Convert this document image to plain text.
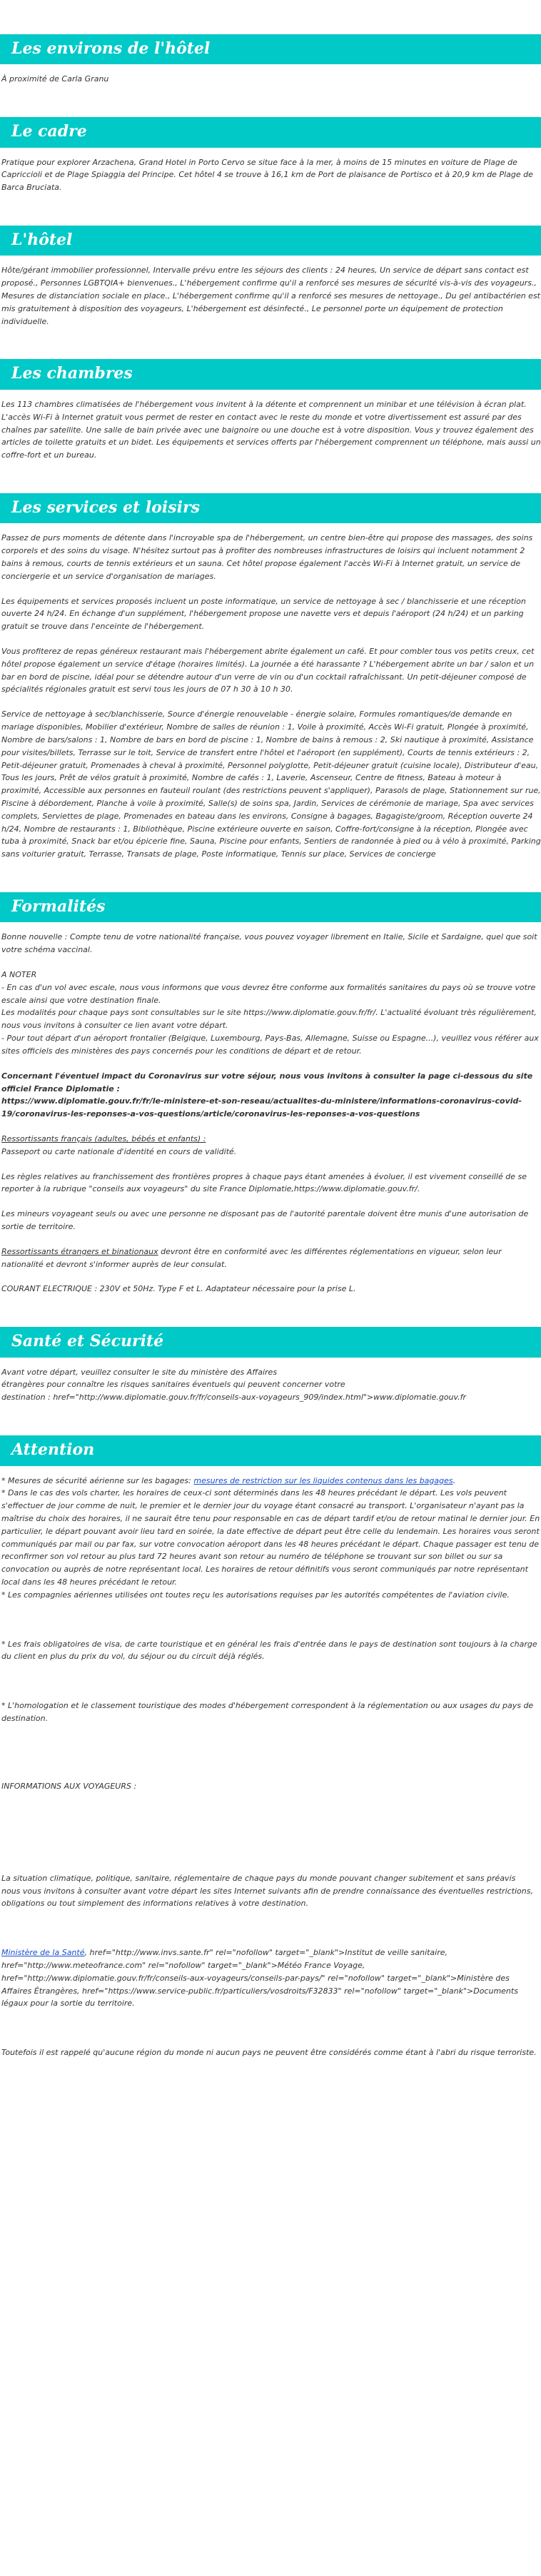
Les environs de l'hôtel

À proximité de Carla Granu

Le cadre

Pratique pour explorer Arzachena, Grand Hotel in Porto Cervo se situe face à la mer, à moins de 15 minutes en voiture de Plage de Capriccioli et de Plage Spiaggia del Principe. Cet hôtel 4 se trouve à 16,1 km de Port de plaisance de Portisco et à 20,9 km de Plage de Barca Bruciata.

L'hôtel

Hôte/gérant immobilier professionnel, Intervalle prévu entre les séjours des clients : 24 heures, Un service de départ sans contact est proposé., Personnes LGBTQIA+ bienvenues., L'hébergement confirme qu'il a renforcé ses mesures de sécurité vis-à-vis des voyageurs., Mesures de distanciation sociale en place., L'hébergement confirme qu'il a renforcé ses mesures de nettoyage., Du gel antibactérien est mis gratuitement à disposition des voyageurs, L'hébergement est désinfecté., Le personnel porte un équipement de protection individuelle.

Les chambres

Les 113 chambres climatisées de l'hébergement vous invitent à la détente et comprennent un minibar et une télévision à écran plat. L'accès Wi-Fi à Internet gratuit vous permet de rester en contact avec le reste du monde et votre divertissement est assuré par des chaînes par satellite. Une salle de bain privée avec une baignoire ou une douche est à votre disposition. Vous y trouvez également des articles de toilette gratuits et un bidet. Les équipements et services offerts par l'hébergement comprennent un téléphone, mais aussi un coffre-fort et un bureau.

Les services et loisirs

Passez de purs moments de détente dans l'incroyable spa de l'hébergement, un centre bien-être qui propose des massages, des soins corporels et des soins du visage. N'hésitez surtout pas à profiter des nombreuses infrastructures de loisirs qui incluent notamment 2 bains à remous, courts de tennis extérieurs et un sauna. Cet hôtel propose également l'accès Wi-Fi à Internet gratuit, un service de conciergerie et un service d'organisation de mariages.

Les équipements et services proposés incluent un poste informatique, un service de nettoyage à sec / blanchisserie et une réception ouverte 24 h/24. En échange d'un supplément, l'hébergement propose une navette vers et depuis l'aéroport (24 h/24) et un parking gratuit se trouve dans l'enceinte de l'hébergement.

Vous profiterez de repas généreux restaurant mais l'hébergement abrite également un café. Et pour combler tous vos petits creux, cet hôtel propose également un service d'étage (horaires limités). La journée a été harassante ? L'hébergement abrite un bar / salon et un bar en bord de piscine, idéal pour se détendre autour d'un verre de vin ou d'un cocktail rafraîchissant. Un petit-déjeuner composé de spécialités régionales gratuit est servi tous les jours de 07 h 30 à 10 h 30.

Service de nettoyage à sec/blanchisserie, Source d'énergie renouvelable - énergie solaire, Formules romantiques/de demande en mariage disponibles, Mobilier d'extérieur, Nombre de salles de réunion : 1, Voile à proximité, Accès Wi-Fi gratuit, Plongée à proximité, Nombre de bars/salons : 1, Nombre de bars en bord de piscine : 1, Nombre de bains à remous : 2, Ski nautique à proximité, Assistance pour visites/billets, Terrasse sur le toit, Service de transfert entre l'hôtel et l'aéroport (en supplément), Courts de tennis extérieurs : 2, Petit-déjeuner gratuit, Promenades à cheval à proximité, Personnel polyglotte, Petit-déjeuner gratuit (cuisine locale), Distributeur d'eau, Tous les jours, Prêt de vélos gratuit à proximité, Nombre de cafés : 1, Laverie, Ascenseur, Centre de fitness, Bateau à moteur à proximité, Accessible aux personnes en fauteuil roulant (des restrictions peuvent s'appliquer), Parasols de plage, Stationnement sur rue, Piscine à débordement, Planche à voile à proximité, Salle(s) de soins spa, Jardin, Services de cérémonie de mariage, Spa avec services complets, Serviettes de plage, Promenades en bateau dans les environs, Consigne à bagages, Bagagiste/groom, Réception ouverte 24 h/24, Nombre de restaurants : 1, Bibliothèque, Piscine extérieure ouverte en saison, Coffre-fort/consigne à la réception, Plongée avec tuba à proximité, Snack bar et/ou épicerie fine, Sauna, Piscine pour enfants, Sentiers de randonnée à pied ou à vélo à proximité, Parking sans voiturier gratuit, Terrasse, Transats de plage, Poste informatique, Tennis sur place, Services de concierge

Formalités

Bonne nouvelle : Compte tenu de votre nationalité française, vous pouvez voyager librement en Italie, Sicile et Sardaigne, quel que soit votre schéma vaccinal.

A NOTER
- En cas d'un vol avec escale, nous vous informons que vous devrez être conforme aux formalités sanitaires du pays où se trouve votre escale ainsi que votre destination finale.
Les modalités pour chaque pays sont consultables sur le site https://www.diplomatie.gouv.fr/fr/. L'actualité évoluant très régulièrement, nous vous invitons à consulter ce lien avant votre départ.
- Pour tout départ d'un aéroport frontalier (Belgique, Luxembourg, Pays-Bas, Allemagne, Suisse ou Espagne...), veuillez vous référer aux sites officiels des ministères des pays concernés pour les conditions de départ et de retour.

Concernant l'éventuel impact du Coronavirus sur votre séjour, nous vous invitons à consulter la page ci-dessous du site officiel France Diplomatie :
https://www.diplomatie.gouv.fr/fr/le-ministere-et-son-reseau/actualites-du-ministere/informations-coronavirus-covid-19/coronavirus-les-reponses-a-vos-questions/article/coronavirus-les-reponses-a-vos-questions

Ressortissants français (adultes, bébés et enfants) :

Passeport ou carte nationale d'identité en cours de validité.

Les règles relatives au franchissement des frontières propres à chaque pays étant amenées à évoluer, il est vivement conseillé de se reporter à la rubrique "conseils aux voyageurs" du site France Diplomatie,https://www.diplomatie.gouv.fr/.

Les mineurs voyageant seuls ou avec une personne ne disposant pas de l'autorité parentale doivent être munis d'une autorisation de sortie de territoire.

Ressortissants étrangers et binationaux devront être en conformité avec les différentes réglementations en vigueur, selon leur nationalité et devront s'informer auprès de leur consulat.

COURANT ELECTRIQUE : 230V et 50Hz. Type F et L. Adaptateur nécessaire pour la prise L.

Santé et Sécurité

Avant votre départ, veuillez consulter le site du ministère des Affaires
étrangères pour connaître les risques sanitaires éventuels qui peuvent concerner votre
destination : href="http://www.diplomatie.gouv.fr/fr/conseils-aux-voyageurs_909/index.html">www.diplomatie.gouv.fr

Attention

* Mesures de sécurité aérienne sur les bagages: mesures de restriction sur les liquides contenus dans les bagages.
* Dans le cas des vols charter, les horaires de ceux-ci sont déterminés dans les 48 heures précédant le départ. Les vols peuvent s'effectuer de jour comme de nuit, le premier et le dernier jour du voyage étant consacré au transport. L'organisateur n'ayant pas la maîtrise du choix des horaires, il ne saurait être tenu pour responsable en cas de départ tardif et/ou de retour matinal le dernier jour. En particulier, le départ pouvant avoir lieu tard en soirée, la date effective de départ peut être celle du lendemain. Les horaires vous seront communiqués par mail ou par fax, sur votre convocation aéroport dans les 48 heures précédant le départ. Chaque passager est tenu de reconfirmer son vol retour au plus tard 72 heures avant son retour au numéro de téléphone se trouvant sur son billet ou sur sa convocation ou auprès de notre représentant local. Les horaires de retour définitifs vous seront communiqués par notre représentant local dans les 48 heures précédant le retour.
* Les compagnies aériennes utilisées ont toutes reçu les autorisations requises par les autorités compétentes de l'aviation civile.

* Les frais obligatoires de visa, de carte touristique et en général les frais d'entrée dans le pays de destination sont toujours à la charge du client en plus du prix du vol, du séjour ou du circuit déjà réglés.

* L'homologation et le classement touristique des modes d'hébergement correspondent à la réglementation ou aux usages du pays de destination.

INFORMATIONS AUX VOYAGEURS :

La situation climatique, politique, sanitaire, réglementaire de chaque pays du monde pouvant changer subitement et sans préavis
nous vous invitons à consulter avant votre départ les sites Internet suivants afin de prendre connaissance des éventuelles restrictions, obligations ou tout simplement des informations relatives à votre destination.

Ministère de la Santé, href="http://www.invs.sante.fr" rel="nofollow" target="_blank">Institut de veille sanitaire, href="http://www.meteofrance.com" rel="nofollow" target="_blank">Météo France Voyage, href="http://www.diplomatie.gouv.fr/fr/conseils-aux-voyageurs/conseils-par-pays/" rel="nofollow" target="_blank">Ministère des Affaires Étrangères, href="https://www.service-public.fr/particuliers/vosdroits/F32833" rel="nofollow" target="_blank">Documents légaux pour la sortie du territoire.

Toutefois il est rappelé qu'aucune région du monde ni aucun pays ne peuvent être considérés comme étant à l'abri du risque terroriste.
